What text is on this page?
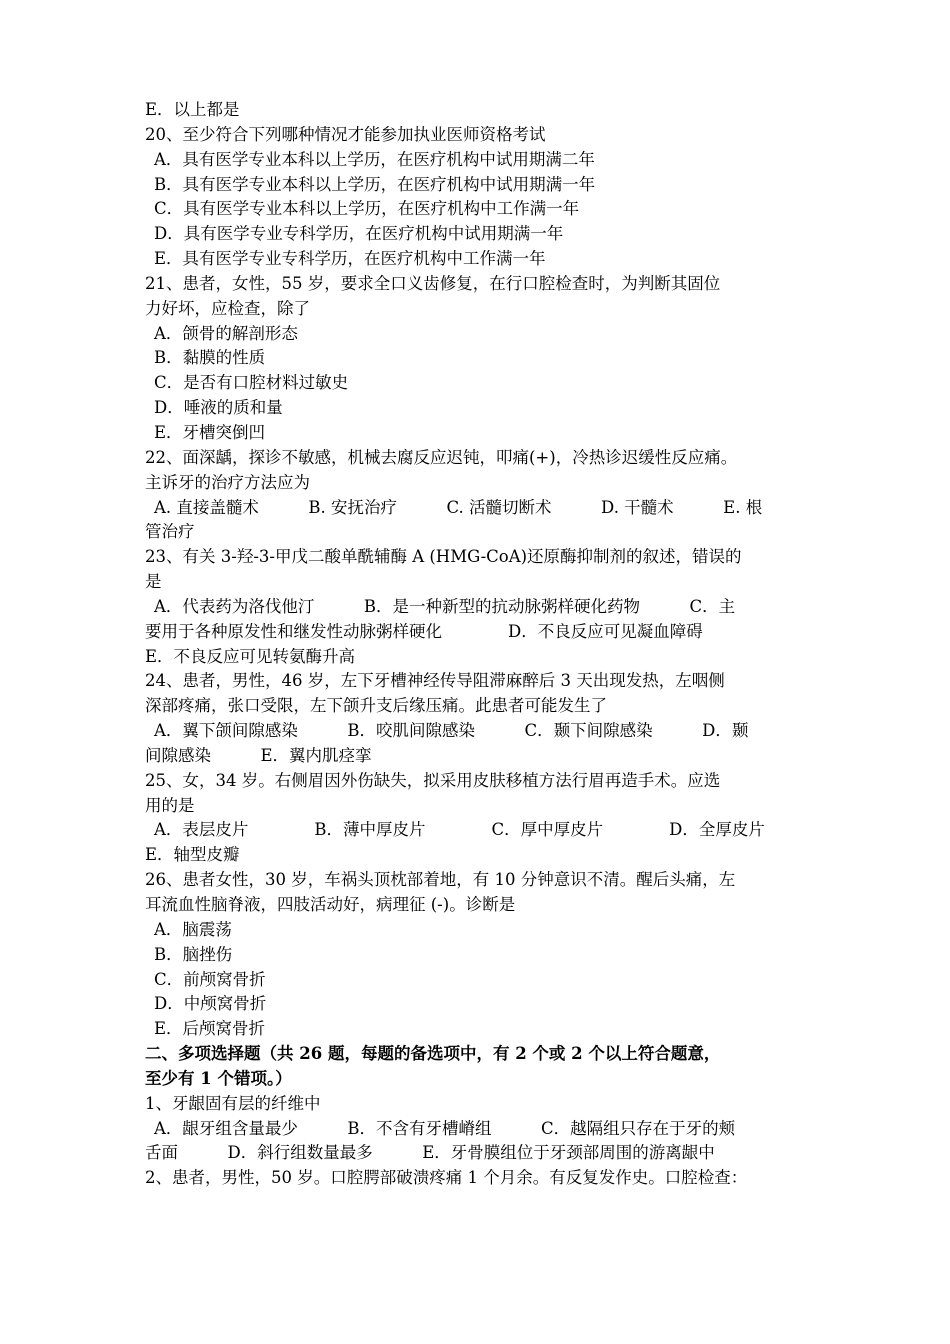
E．以上都是
20、至少符合下列哪种情况才能参加执业医师资格考试
A．具有医学专业本科以上学历，在医疗机构中试用期满二年
B．具有医学专业本科以上学历，在医疗机构中试用期满一年
C．具有医学专业本科以上学历，在医疗机构中工作满一年
D．具有医学专业专科学历，在医疗机构中试用期满一年
E．具有医学专业专科学历，在医疗机构中工作满一年
21、患者，女性，55 岁，要求全口义齿修复，在行口腔检查时，为判断其固位
力好坏，应检查，除了
A．颌骨的解剖形态
B．黏膜的性质
C．是否有口腔材料过敏史
D．唾液的质和量
E．牙槽突倒凹
22、面深龋，探诊不敏感，机械去腐反应迟钝，叩痛(+)，冷热诊迟缓性反应痛。
主诉牙的治疗方法应为
A. 直接盖髓术　　　B. 安抚治疗　　　C. 活髓切断术　　　D. 干髓术　　　E. 根
管治疗
23、有关 3-羟-3-甲戊二酸单酰辅酶 A (HMG-CoA)还原酶抑制剂的叙述，错误的
是
A．代表药为洛伐他汀　　　B．是一种新型的抗动脉粥样硬化药物　　　C．主
要用于各种原发性和继发性动脉粥样硬化　　　　D．不良反应可见凝血障碍
E．不良反应可见转氨酶升高
24、患者，男性，46 岁，左下牙槽神经传导阻滞麻醉后 3 天出现发热，左咽侧
深部疼痛，张口受限，左下颌升支后缘压痛。此患者可能发生了
A．翼下颌间隙感染　　　B．咬肌间隙感染　　　C．颞下间隙感染　　　D．颞
间隙感染　　　E．翼内肌痉挛
25、女，34 岁。右侧眉因外伤缺失，拟采用皮肤移植方法行眉再造手术。应选
用的是
A．表层皮片　　　　B．薄中厚皮片　　　　C．厚中厚皮片　　　　D．全厚皮片
E．轴型皮瓣
26、患者女性，30 岁，车祸头顶枕部着地，有 10 分钟意识不清。醒后头痛，左
耳流血性脑脊液，四肢活动好，病理征 (-)。诊断是
A．脑震荡
B．脑挫伤
C．前颅窝骨折
D．中颅窝骨折
E．后颅窝骨折
二、多项选择题（共 26 题，每题的备选项中，有 2 个或 2 个以上符合题意，
至少有 1 个错项。）
1、牙龈固有层的纤维中
A．龈牙组含量最少　　　B．不含有牙槽嵴组　　　C．越隔组只存在于牙的颊
舌面　　　D．斜行组数量最多　　　E．牙骨膜组位于牙颈部周围的游离龈中
2、患者，男性，50 岁。口腔腭部破溃疼痛 1 个月余。有反复发作史。口腔检查：
